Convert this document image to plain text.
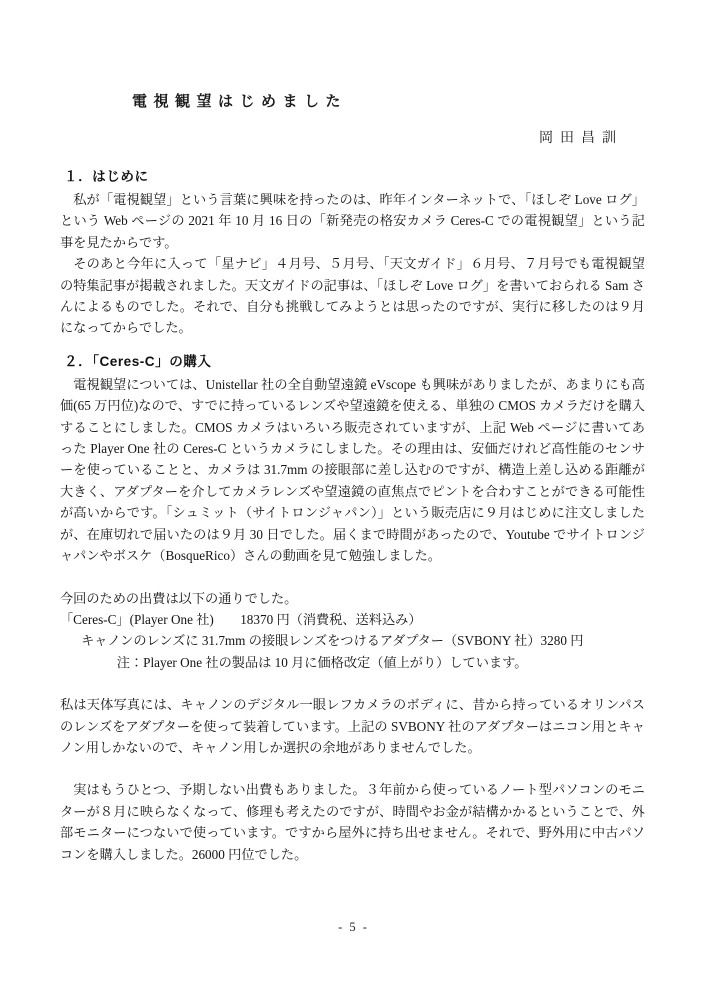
電視観望はじめました
岡田昌訓
１．はじめに

私が「電視観望」という言葉に興味を持ったのは、昨年インターネットで、「ほしぞ Love ログ」という Web ページの 2021 年 10 月 16 日の「新発売の格安カメラ Ceres-C での電視観望」という記事を見たからです。

そのあと今年に入って「星ナビ」４月号、５月号、「天文ガイド」６月号、７月号でも電視観望の特集記事が掲載されました。天文ガイドの記事は、「ほしぞ Love ログ」を書いておられる Sam さんによるものでした。それで、自分も挑戦してみようとは思ったのですが、実行に移したのは９月になってからでした。

２．「Ceres-C」の購入

電視観望については、Unistellar 社の全自動望遠鏡 eVscope も興味がありましたが、あまりにも高価(65 万円位)なので、すでに持っているレンズや望遠鏡を使える、単独の CMOS カメラだけを購入することにしました。CMOS カメラはいろいろ販売されていますが、上記 Web ページに書いてあった Player One 社の Ceres-C というカメラにしました。その理由は、安価だけれど高性能のセンサーを使っていることと、カメラは 31.7mm の接眼部に差し込むのですが、構造上差し込める距離が大きく、アダプターを介してカメラレンズや望遠鏡の直焦点でピントを合わすことができる可能性が高いからです。「シュミット（サイトロンジャパン）」という販売店に９月はじめに注文しましたが、在庫切れで届いたのは９月 30 日でした。届くまで時間があったので、Youtube でサイトロンジャパンやボスケ（BosqueRico）さんの動画を見て勉強しました。

今回のための出費は以下の通りでした。

「Ceres-C」(Player One 社)　　18370 円（消費税、送料込み）

キャノンのレンズに 31.7mm の接眼レンズをつけるアダプター（SVBONY 社）3280 円

注：Player One 社の製品は 10 月に価格改定（値上がり）しています。

私は天体写真には、キャノンのデジタル一眼レフカメラのボディに、昔から持っているオリンパスのレンズをアダプターを使って装着しています。上記の SVBONY 社のアダプターはニコン用とキャノン用しかないので、キャノン用しか選択の余地がありませんでした。

実はもうひとつ、予期しない出費もありました。３年前から使っているノート型パソコンのモニターが８月に映らなくなって、修理も考えたのですが、時間やお金が結構かかるということで、外部モニターにつないで使っています。ですから屋外に持ち出せません。それで、野外用に中古パソコンを購入しました。26000 円位でした。

- 5 -
